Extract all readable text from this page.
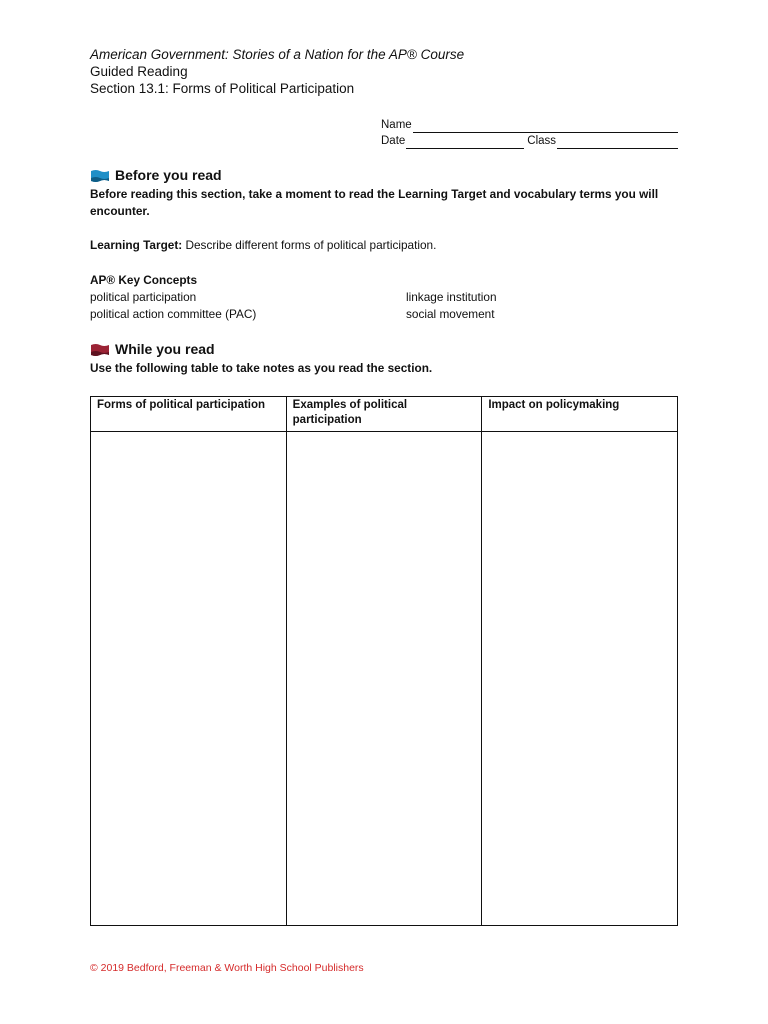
American Government: Stories of a Nation for the AP® Course
Guided Reading
Section 13.1: Forms of Political Participation
Name
Date	Class
Before you read
Before reading this section, take a moment to read the Learning Target and vocabulary terms you will
encounter.
Learning Target: Describe different forms of political participation.
AP® Key Concepts
political participation
political action committee (PAC)
linkage institution
social movement
While you read
Use the following table to take notes as you read the section.
Forms of political participation	Examples of political participation	Impact on policymaking

© 2019 Bedford, Freeman & Worth High School Publishers
